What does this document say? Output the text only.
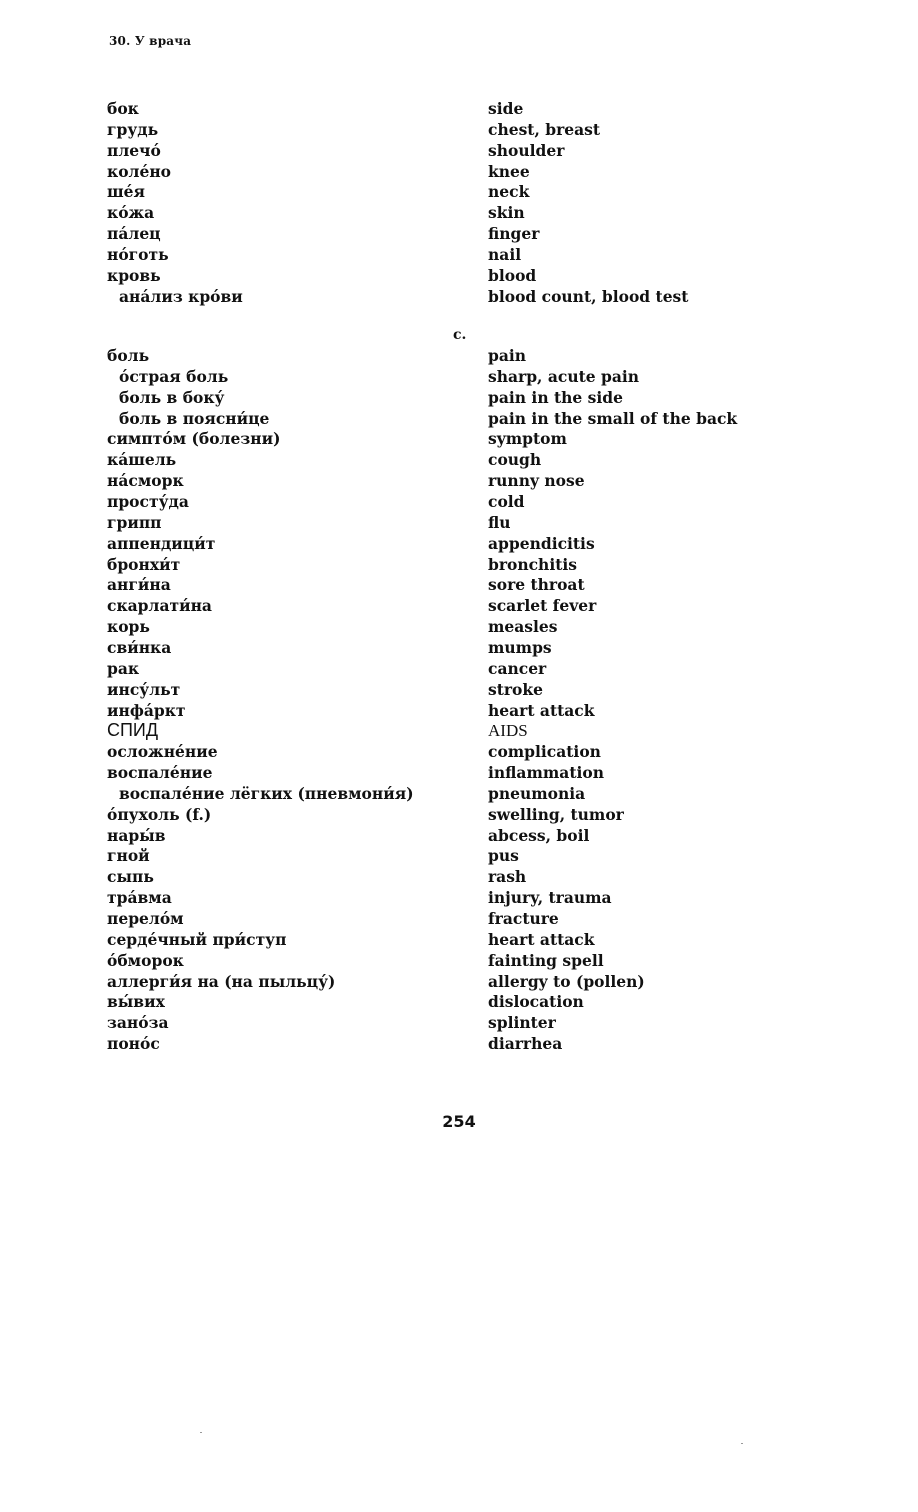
30. У врача
бок	side
грудь	chest, breast
плечо́	shoulder
коле́но	knee
ше́я	neck
ко́жа	skin
па́лец	finger
но́готь	nail
кровь	blood
ана́лиз кро́ви	blood count, blood test
боль	pain
о́страя боль	sharp, acute pain
боль в боку́	pain in the side
боль в поясни́це	pain in the small of the back
симпто́м (болезни)	symptom
ка́шель	cough
на́сморк	runny nose
просту́да	cold
грипп	flu
аппендици́т	appendicitis
бронхи́т	bronchitis
анги́на	sore throat
скарлати́на	scarlet fever
корь	measles
сви́нка	mumps
рак	cancer
инсу́льт	stroke
инфа́ркт	heart attack
СПИД	AIDS
осложне́ние	complication
воспале́ние	inflammation
воспале́ние лёгких (пневмони́я)	pneumonia
о́пухоль (f.)	swelling, tumor
нары́в	abcess, boil
гной	pus
сыпь	rash
тра́вма	injury, trauma
перело́м	fracture
серде́чный при́ступ	heart attack
о́бморок	fainting spell
аллерги́я на (на пыльцу́)	allergy to (pollen)
вы́вих	dislocation
зано́за	splinter
поно́с	diarrhea
c.
254
